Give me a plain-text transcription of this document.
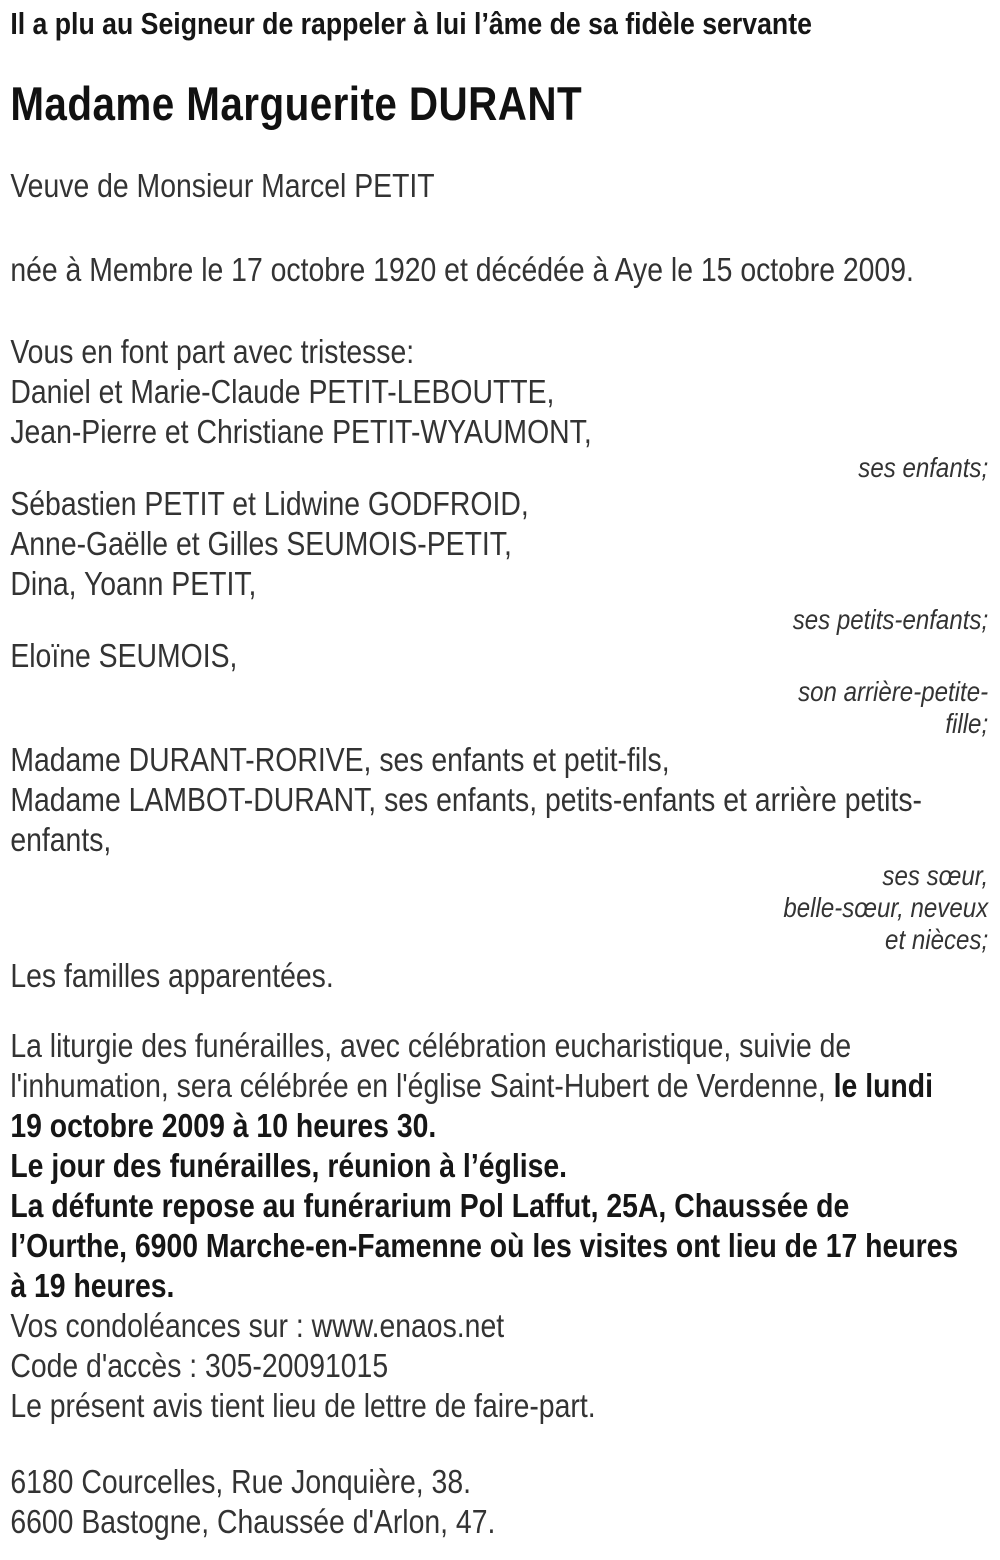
Il a plu au Seigneur de rappeler à lui l’âme de sa fidèle servante
Madame Marguerite DURANT
Veuve de Monsieur Marcel PETIT
née à Membre le 17 octobre 1920 et décédée à Aye le 15 octobre 2009.
Vous en font part avec tristesse:
Daniel et Marie-Claude PETIT-LEBOUTTE,
Jean-Pierre et Christiane PETIT-WYAUMONT,
ses enfants;
Sébastien PETIT et Lidwine GODFROID,
Anne-Gaëlle et Gilles SEUMOIS-PETIT,
Dina, Yoann PETIT,
ses petits-enfants;
Eloïne SEUMOIS,
son arrière-petite-
fille;
Madame DURANT-RORIVE, ses enfants et petit-fils,
Madame LAMBOT-DURANT, ses enfants, petits-enfants et arrière petits-
enfants,
ses sœur,
belle-sœur, neveux
et nièces;
Les familles apparentées.
La liturgie des funérailles, avec célébration eucharistique, suivie de
l'inhumation, sera célébrée en l'église Saint-Hubert de Verdenne, le lundi
19 octobre 2009 à 10 heures 30.
Le jour des funérailles, réunion à l’église.
La défunte repose au funérarium Pol Laffut, 25A, Chaussée de
l’Ourthe, 6900 Marche-en-Famenne où les visites ont lieu de 17 heures
à 19 heures.
Vos condoléances sur : www.enaos.net
Code d'accès : 305-20091015
Le présent avis tient lieu de lettre de faire-part.
6180 Courcelles, Rue Jonquière, 38.
6600 Bastogne, Chaussée d'Arlon, 47.
